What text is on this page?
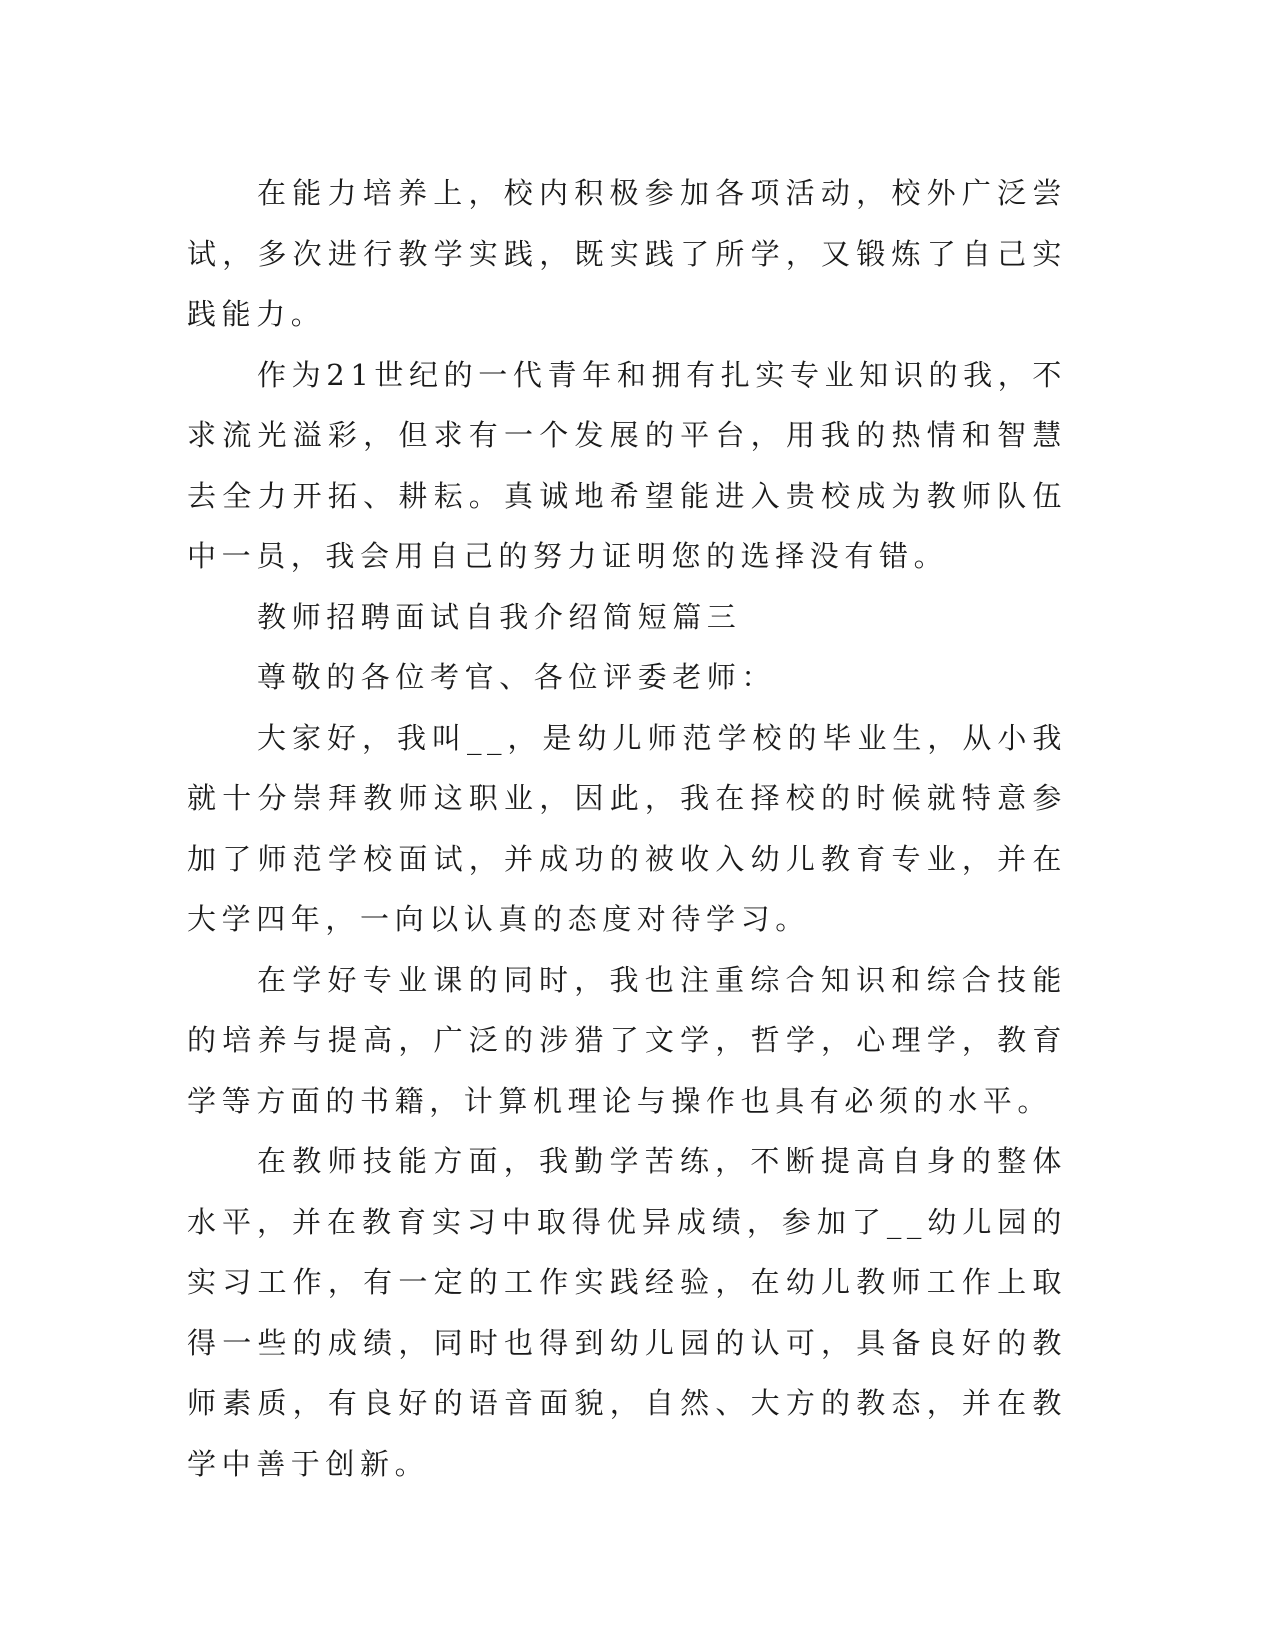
在能力培养上，校内积极参加各项活动，校外广泛尝试，多次进行教学实践，既实践了所学，又锻炼了自己实践能力。

作为21世纪的一代青年和拥有扎实专业知识的我，不求流光溢彩，但求有一个发展的平台，用我的热情和智慧去全力开拓、耕耘。真诚地希望能进入贵校成为教师队伍中一员，我会用自己的努力证明您的选择没有错。

教师招聘面试自我介绍简短篇三

尊敬的各位考官、各位评委老师：

大家好，我叫__，是幼儿师范学校的毕业生，从小我就十分崇拜教师这职业，因此，我在择校的时候就特意参加了师范学校面试，并成功的被收入幼儿教育专业，并在大学四年，一向以认真的态度对待学习。

在学好专业课的同时，我也注重综合知识和综合技能的培养与提高，广泛的涉猎了文学，哲学，心理学，教育学等方面的书籍，计算机理论与操作也具有必须的水平。

在教师技能方面，我勤学苦练，不断提高自身的整体水平，并在教育实习中取得优异成绩，参加了__幼儿园的实习工作，有一定的工作实践经验，在幼儿教师工作上取得一些的成绩，同时也得到幼儿园的认可，具备良好的教师素质，有良好的语音面貌，自然、大方的教态，并在教学中善于创新。
